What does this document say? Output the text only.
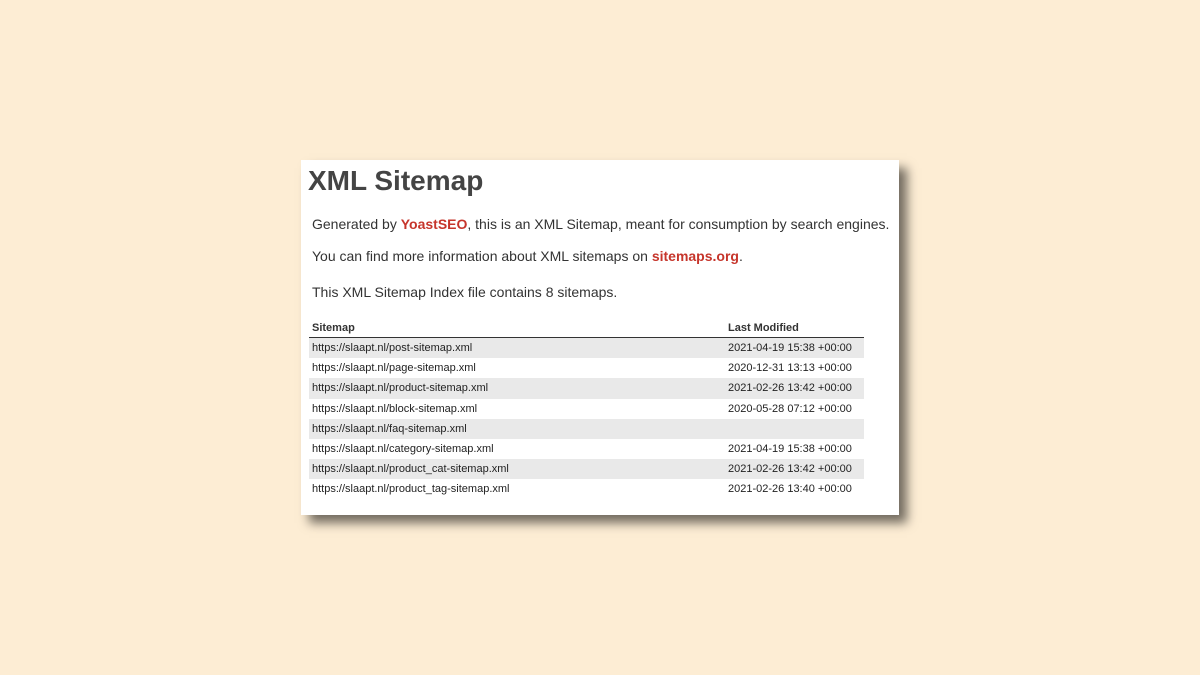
XML Sitemap

Generated by YoastSEO, this is an XML Sitemap, meant for consumption by search engines.

You can find more information about XML sitemaps on sitemaps.org.

This XML Sitemap Index file contains 8 sitemaps.

Sitemap	Last Modified
https://slaapt.nl/post-sitemap.xml	2021-04-19 15:38 +00:00
https://slaapt.nl/page-sitemap.xml	2020-12-31 13:13 +00:00
https://slaapt.nl/product-sitemap.xml	2021-02-26 13:42 +00:00
https://slaapt.nl/block-sitemap.xml	2020-05-28 07:12 +00:00
https://slaapt.nl/faq-sitemap.xml	
https://slaapt.nl/category-sitemap.xml	2021-04-19 15:38 +00:00
https://slaapt.nl/product_cat-sitemap.xml	2021-02-26 13:42 +00:00
https://slaapt.nl/product_tag-sitemap.xml	2021-02-26 13:40 +00:00
